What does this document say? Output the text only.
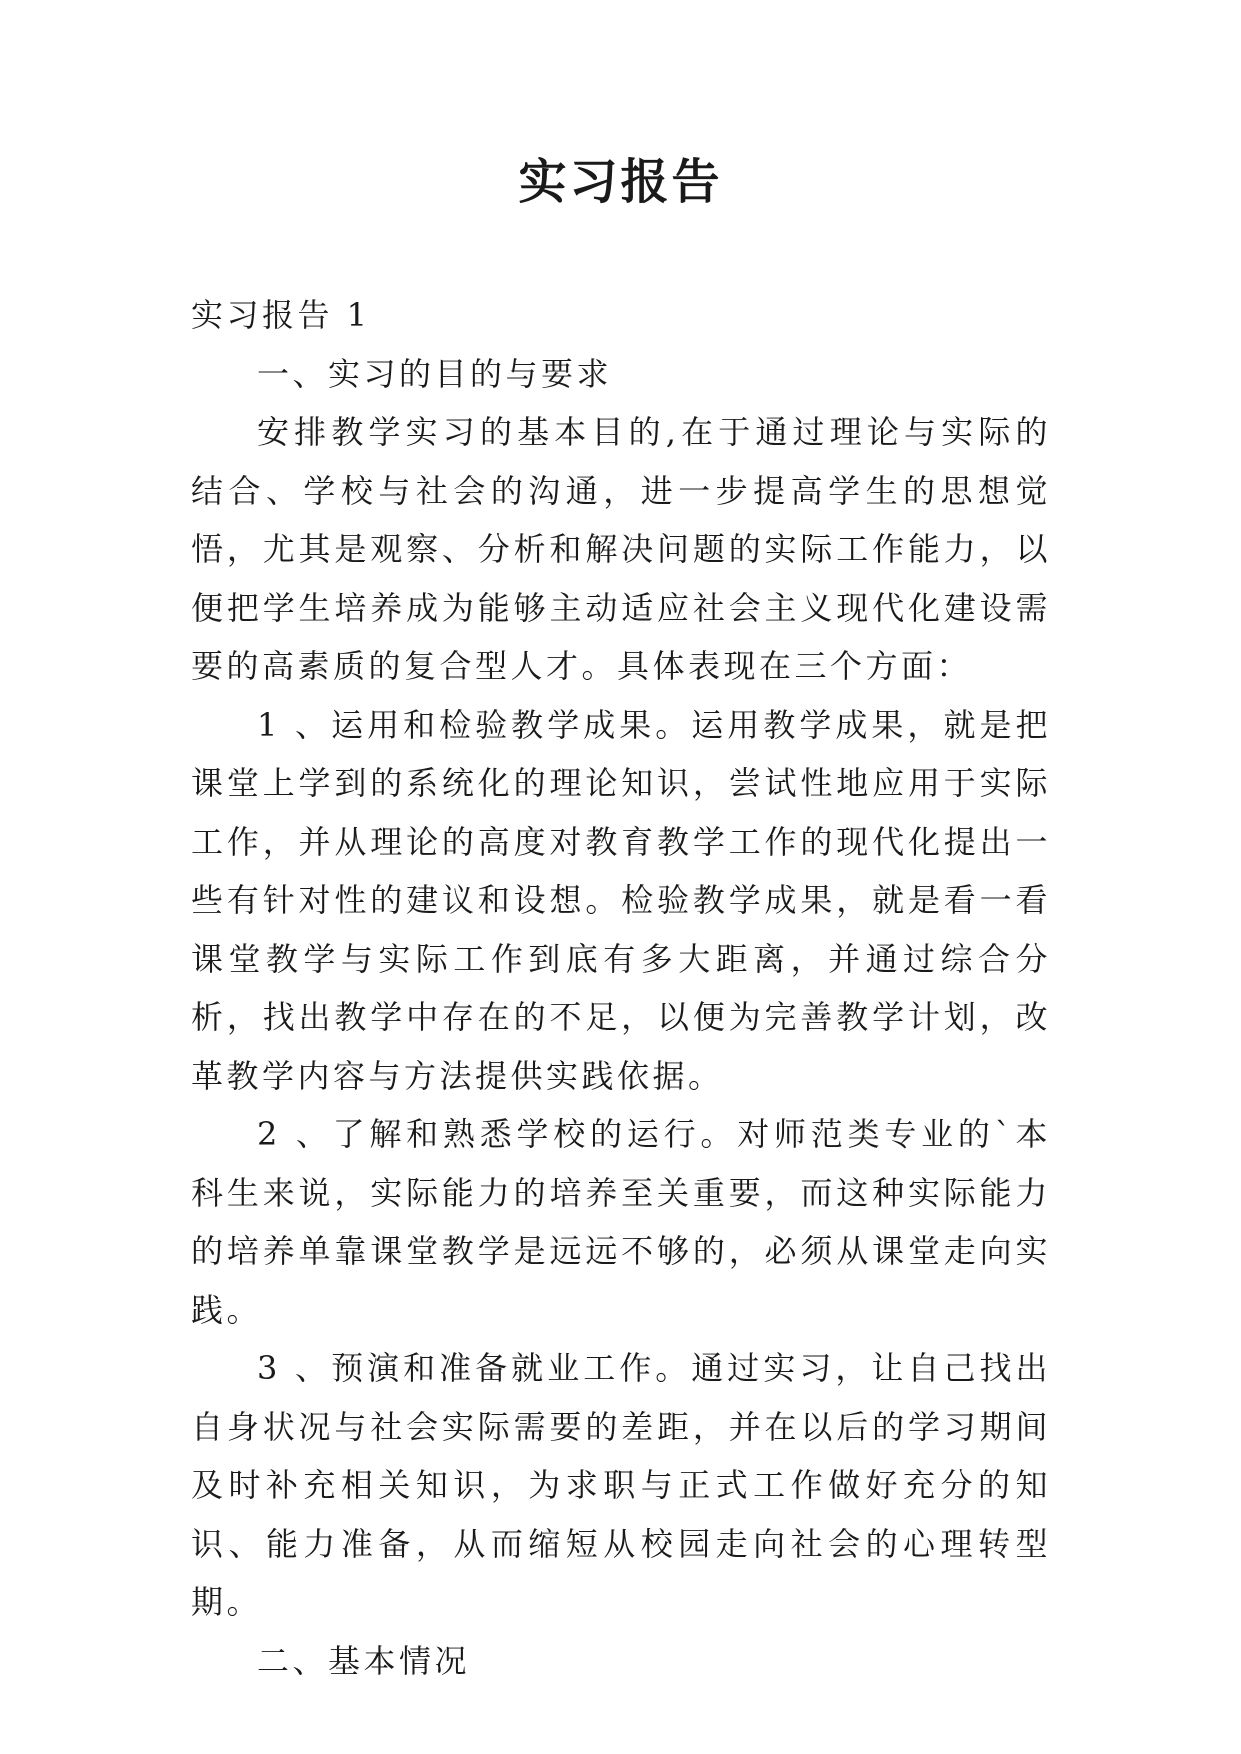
实习报告

实习报告 1

一、实习的目的与要求

安排教学实习的基本目的,在于通过理论与实际的结合、学校与社会的沟通，进一步提高学生的思想觉悟，尤其是观察、分析和解决问题的实际工作能力，以便把学生培养成为能够主动适应社会主义现代化建设需要的高素质的复合型人才。具体表现在三个方面：

1 、运用和检验教学成果。运用教学成果，就是把课堂上学到的系统化的理论知识，尝试性地应用于实际工作，并从理论的高度对教育教学工作的现代化提出一些有针对性的建议和设想。检验教学成果，就是看一看课堂教学与实际工作到底有多大距离，并通过综合分析，找出教学中存在的不足，以便为完善教学计划，改革教学内容与方法提供实践依据。

2 、了解和熟悉学校的运行。对师范类专业的`本科生来说，实际能力的培养至关重要，而这种实际能力的培养单靠课堂教学是远远不够的，必须从课堂走向实践。

3 、预演和准备就业工作。通过实习，让自己找出自身状况与社会实际需要的差距，并在以后的学习期间及时补充相关知识，为求职与正式工作做好充分的知识、能力准备，从而缩短从校园走向社会的心理转型期。

二、基本情况
